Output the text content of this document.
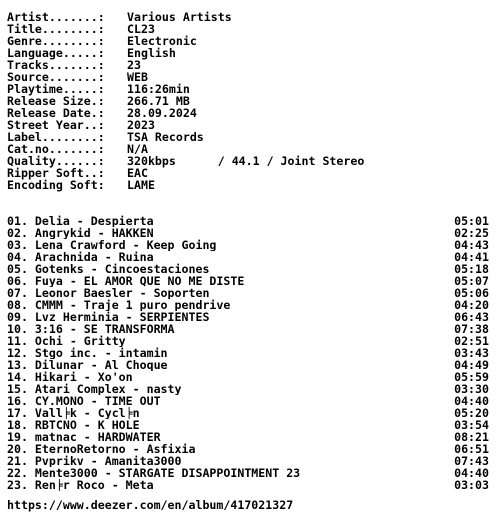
Artist.......:	Various Artists
Title........:	CL23
Genre........:	Electronic
Language.....:	English
Tracks.......:	23
Source.......:	WEB
Playtime.....:	116:26min
Release Size.:	266.71 MB
Release Date.:	28.09.2024
Street Year..:	2023
Label........:	TSA Records
Cat.no.......:	N/A
Quality......:	320kbps      / 44.1 / Joint Stereo
Ripper Soft..:	EAC
Encoding Soft:	LAME
01. Delia - Despierta	05:01
02. Angrykid - HAKKEN	02:25
03. Lena Crawford - Keep Going	04:43
04. Arachnida - Ruina	04:41
05. Gotenks - Cincoestaciones	05:18
06. Fuya - EL AMOR QUE NO ME DISTE	05:07
07. Leonor Baesler - Soporten	05:06
08. CMMM - Traje 1 puro pendrive	04:20
09. Lvz Herminia - SERPIENTES	06:43
10. 3:16 - SE TRANSFORMA	07:38
11. Ochi - Gritty	02:51
12. Stgo inc. - intamin	03:43
13. Dilunar - Al Choque	04:49
14. Hikari - Xo'on	05:59
15. Atari Complex - nasty	03:30
16. CY.MONO - TIME OUT	04:40
17. Vall╞k - Cycl╞n	05:20
18. RBTCNO - K HOLE	03:54
19. matnac - HARDWATER	08:21
20. EternoRetorno - Asfixia	06:51
21. Pvprikv - Amanita3000	07:43
22. Mente3000 - STARGATE DISAPPOINTMENT 23	04:40
23. Ren╞r Roco - Meta	03:03
https://www.deezer.com/en/album/417021327
